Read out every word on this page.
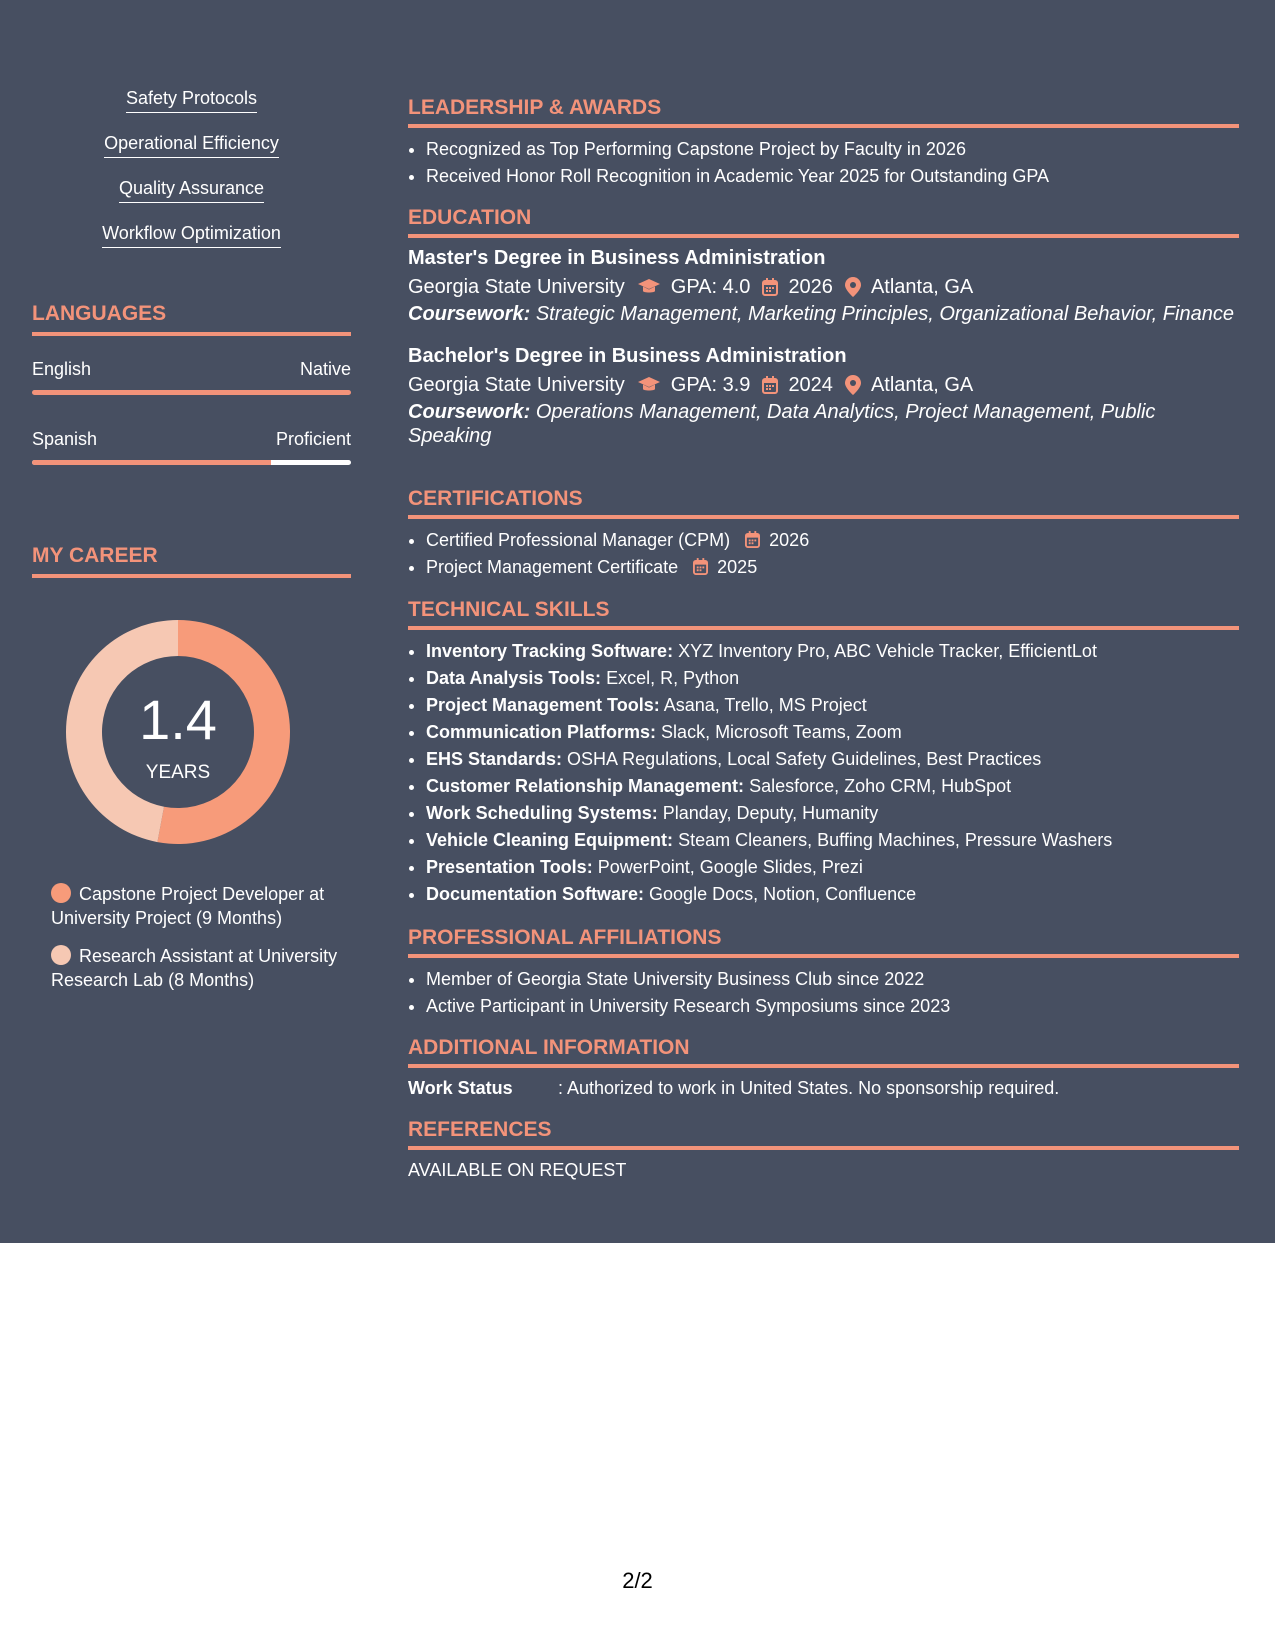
Safety Protocols
Operational Efficiency
Quality Assurance
Workflow Optimization
LANGUAGES
English	Native
Spanish	Proficient
MY CAREER
1.4
YEARS
Capstone Project Developer at University Project (9 Months)
Research Assistant at University Research Lab (8 Months)
LEADERSHIP & AWARDS
• Recognized as Top Performing Capstone Project by Faculty in 2026
• Received Honor Roll Recognition in Academic Year 2025 for Outstanding GPA
EDUCATION
Master's Degree in Business Administration
Georgia State University GPA: 4.0 2026 Atlanta, GA
Coursework: Strategic Management, Marketing Principles, Organizational Behavior, Finance
Bachelor's Degree in Business Administration
Georgia State University GPA: 3.9 2024 Atlanta, GA
Coursework: Operations Management, Data Analytics, Project Management, Public Speaking
CERTIFICATIONS
• Certified Professional Manager (CPM) 2026
• Project Management Certificate 2025
TECHNICAL SKILLS
• Inventory Tracking Software: XYZ Inventory Pro, ABC Vehicle Tracker, EfficientLot
• Data Analysis Tools: Excel, R, Python
• Project Management Tools: Asana, Trello, MS Project
• Communication Platforms: Slack, Microsoft Teams, Zoom
• EHS Standards: OSHA Regulations, Local Safety Guidelines, Best Practices
• Customer Relationship Management: Salesforce, Zoho CRM, HubSpot
• Work Scheduling Systems: Planday, Deputy, Humanity
• Vehicle Cleaning Equipment: Steam Cleaners, Buffing Machines, Pressure Washers
• Presentation Tools: PowerPoint, Google Slides, Prezi
• Documentation Software: Google Docs, Notion, Confluence
PROFESSIONAL AFFILIATIONS
• Member of Georgia State University Business Club since 2022
• Active Participant in University Research Symposiums since 2023
ADDITIONAL INFORMATION
Work Status	: Authorized to work in United States. No sponsorship required.
REFERENCES
AVAILABLE ON REQUEST
2/2
